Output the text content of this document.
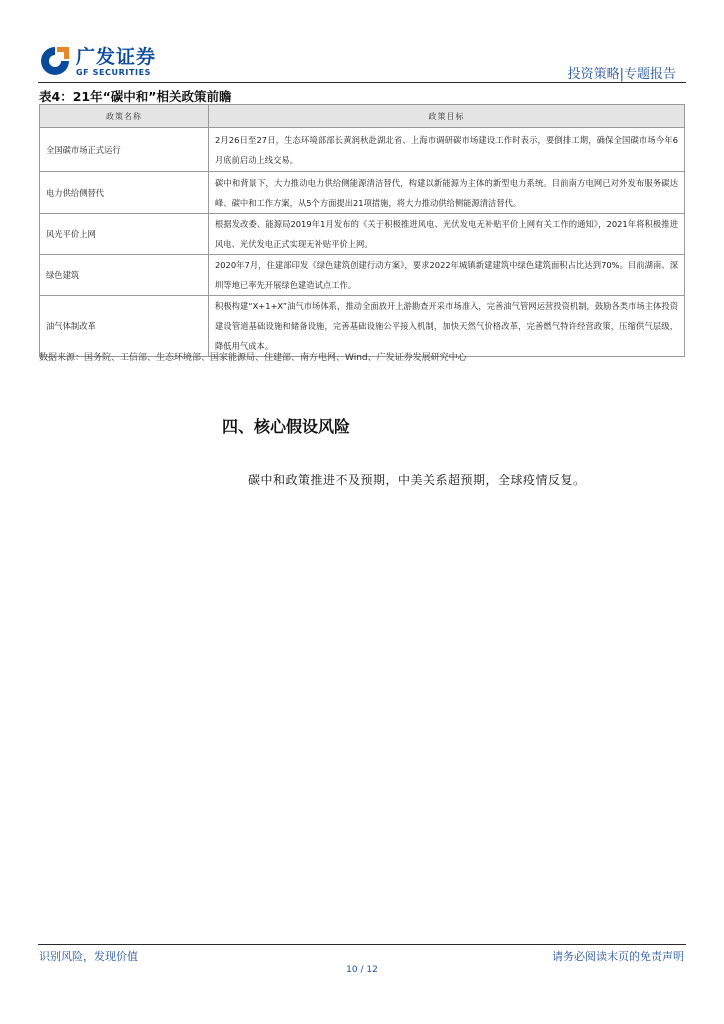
广发证券
GF SECURITIES	投资策略|专题报告
表4：21年“碳中和”相关政策前瞻
政策名称	政策目标
全国碳市场正式运行	2月26日至27日，生态环境部部长黄润秋赴湖北省、上海市调研碳市场建设工作时表示，要倒排工期，确保全国碳市场今年6月底前启动上线交易。
电力供给侧替代	碳中和背景下，大力推动电力供给侧能源清洁替代，构建以新能源为主体的新型电力系统。目前南方电网已对外发布服务碳达峰、碳中和工作方案，从5个方面提出21项措施，将大力推动供给侧能源清洁替代。
风光平价上网	根据发改委、能源局2019年1月发布的《关于积极推进风电、光伏发电无补贴平价上网有关工作的通知》，2021年将积极推进风电、光伏发电正式实现无补贴平价上网。
绿色建筑	2020年7月，住建部印发《绿色建筑创建行动方案》，要求2022年城镇新建建筑中绿色建筑面积占比达到70%。目前湖南、深圳等地已率先开展绿色建造试点工作。
油气体制改革	积极构建“X+1+X”油气市场体系，推动全面放开上游勘查开采市场准入，完善油气管网运营投资机制，鼓励各类市场主体投资建设管道基础设施和储备设施，完善基础设施公平接入机制，加快天然气价格改革，完善燃气特许经营政策，压缩供气层级，降低用气成本。
数据来源：国务院、工信部、生态环境部、国家能源局、住建部、南方电网、Wind、广发证券发展研究中心
四、核心假设风险
碳中和政策推进不及预期，中美关系超预期，全球疫情反复。
识别风险，发现价值	请务必阅读末页的免责声明
10 / 12
